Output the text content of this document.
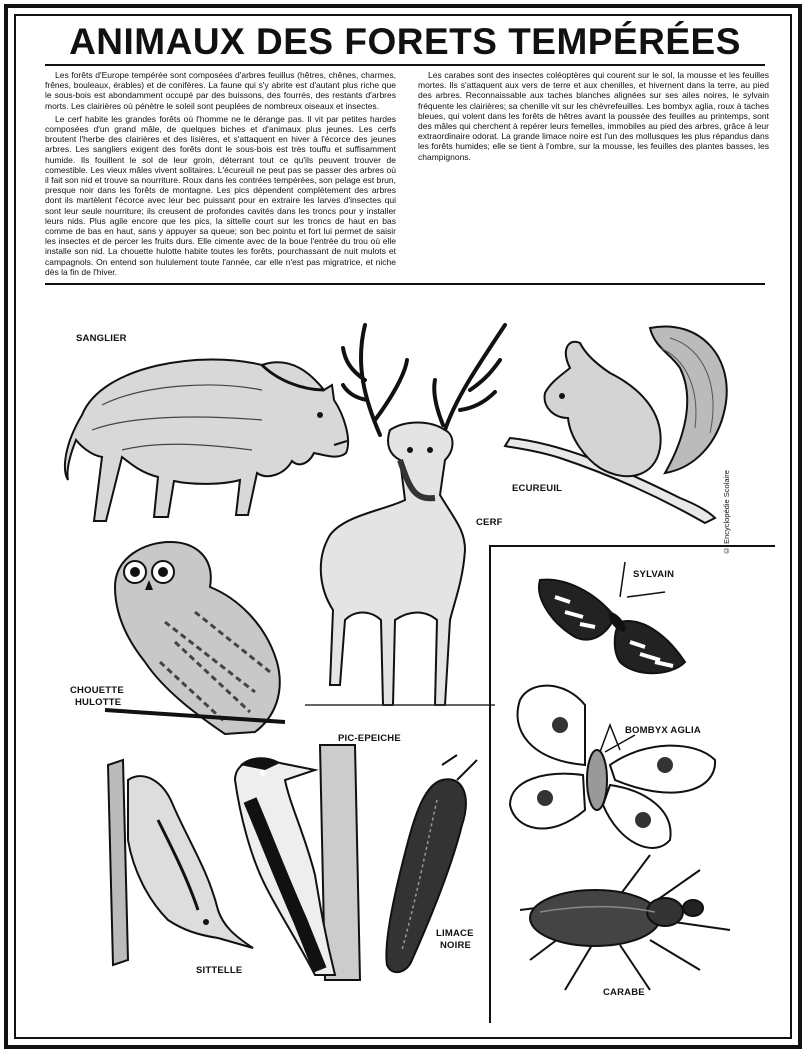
ANIMAUX DES FORETS TEMPÉRÉES

Les forêts d'Europe tempérée sont composées d'arbres feuillus (hêtres, chênes, charmes, frênes, bouleaux, érables) et de conifères. La faune qui s'y abrite est d'autant plus riche que le sous-bois est abondamment occupé par des buissons, des fourrés, des restants d'arbres morts. Les clairières où pénètre le soleil sont peuplées de nombreux oiseaux et insectes.

Le cerf habite les grandes forêts où l'homme ne le dérange pas. Il vit par petites hardes composées d'un grand mâle, de quelques biches et d'animaux plus jeunes. Les cerfs broutent l'herbe des clairières et des lisières, et s'attaquent en hiver à l'écorce des jeunes arbres. Les sangliers exigent des forêts dont le sous-bois est très touffu et suffisamment humide. Ils fouillent le sol de leur groin, déterrant tout ce qu'ils peuvent trouver de comestible. Les vieux mâles vivent solitaires. L'écureuil ne peut pas se passer des arbres où il fait son nid et trouve sa nourriture. Roux dans les contrées tempérées, son pelage est brun, presque noir dans les forêts de montagne. Les pics dépendent complètement des arbres dont ils martèlent l'écorce avec leur bec puissant pour en extraire les larves d'insectes qui sont leur seule nourriture; ils creusent de profondes cavités dans les troncs pour y installer leurs nids. Plus agile encore que les pics, la sittelle court sur les troncs de haut en bas comme de bas en haut, sans y appuyer sa queue; son bec pointu et fort lui permet de saisir les insectes et de percer les fruits durs. Elle cimente avec de la boue l'entrée du trou où elle installe son nid. La chouette hulotte habite toutes les forêts, pourchassant de nuit mulots et campagnols. On entend son hululement toute l'année, car elle n'est pas migratrice, et niche dès la fin de l'hiver.

Les carabes sont des insectes coléoptères qui courent sur le sol, la mousse et les feuilles mortes. Ils s'attaquent aux vers de terre et aux chenilles, et hivernent dans la terre, au pied des arbres. Reconnaissable aux taches blanches alignées sur ses ailes noires, le sylvain fréquente les clairières; sa chenille vit sur les chèvrefeuilles. Les bombyx aglia, roux à taches bleues, qui volent dans les forêts de hêtres avant la poussée des feuilles au printemps, sont des mâles qui cherchent à repérer leurs femelles, immobiles au pied des arbres, grâce à leur extraordinaire odorat. La grande limace noire est l'un des mollusques les plus répandus dans les forêts humides; elle se tient à l'ombre, sur la mousse, les feuilles des plantes basses, les champignons.

SANGLIER
ECUREUIL	© Encyclopédie Scolaire
CERF
CHOUETTE
HULOTTE
SITTELLE
PIC-EPEICHE
LIMACE
NOIRE
SYLVAIN
BOMBYX AGLIA
CARABE
